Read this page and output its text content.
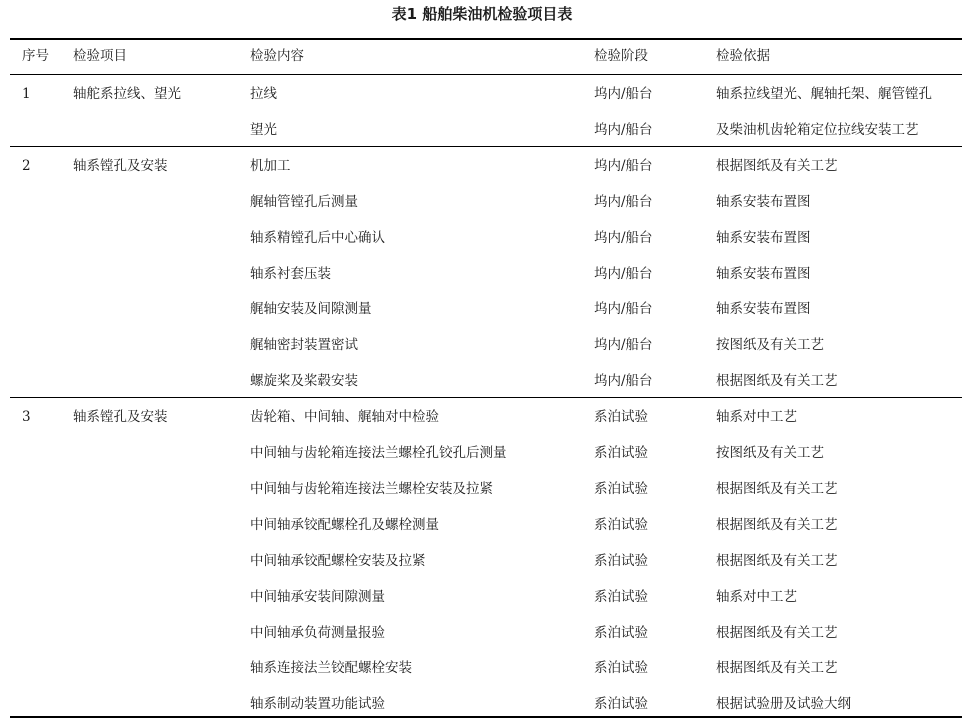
表1 船舶柴油机检验项目表
序号 检验项目	检验内容	检验阶段	检验依据
1	轴舵系拉线、望光	拉线	坞内/船台	轴系拉线望光、艉轴托架、艉管镗孔
望光	坞内/船台	及柴油机齿轮箱定位拉线安装工艺
2	轴系镗孔及安装	机加工	坞内/船台	根据图纸及有关工艺
艉轴管镗孔后测量	坞内/船台	轴系安装布置图
轴系精镗孔后中心确认	坞内/船台	轴系安装布置图
轴系衬套压装	坞内/船台	轴系安装布置图
艉轴安装及间隙测量	坞内/船台	轴系安装布置图
艉轴密封装置密试	坞内/船台	按图纸及有关工艺
螺旋桨及桨毂安装	坞内/船台	根据图纸及有关工艺
3	轴系镗孔及安装	齿轮箱、中间轴、艉轴对中检验	系泊试验	轴系对中工艺
中间轴与齿轮箱连接法兰螺栓孔铰孔后测量	系泊试验	按图纸及有关工艺
中间轴与齿轮箱连接法兰螺栓安装及拉紧	系泊试验	根据图纸及有关工艺
中间轴承铰配螺栓孔及螺栓测量	系泊试验	根据图纸及有关工艺
中间轴承铰配螺栓安装及拉紧	系泊试验	根据图纸及有关工艺
中间轴承安装间隙测量	系泊试验	轴系对中工艺
中间轴承负荷测量报验	系泊试验	根据图纸及有关工艺
轴系连接法兰铰配螺栓安装	系泊试验	根据图纸及有关工艺
轴系制动装置功能试验	系泊试验	根据试验册及试验大纲
